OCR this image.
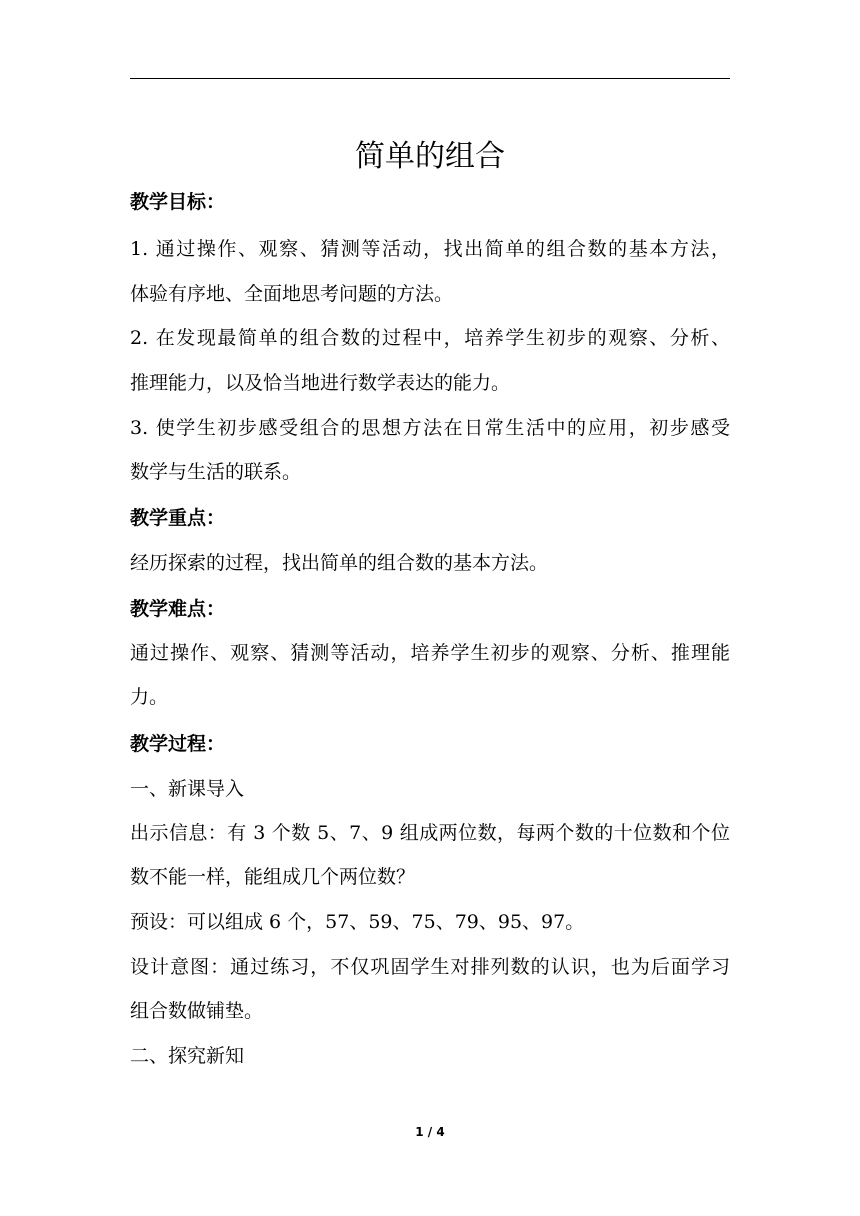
简单的组合
教学目标：
1. 通过操作、观察、猜测等活动，找出简单的组合数的基本方法，
体验有序地、全面地思考问题的方法。
2. 在发现最简单的组合数的过程中，培养学生初步的观察、分析、
推理能力，以及恰当地进行数学表达的能力。
3. 使学生初步感受组合的思想方法在日常生活中的应用，初步感受
数学与生活的联系。
教学重点：
经历探索的过程，找出简单的组合数的基本方法。
教学难点：
通过操作、观察、猜测等活动，培养学生初步的观察、分析、推理能
力。
教学过程：
一、新课导入
出示信息：有 3 个数 5、7、9 组成两位数，每两个数的十位数和个位
数不能一样，能组成几个两位数？
预设：可以组成 6 个，57、59、75、79、95、97。
设计意图：通过练习，不仅巩固学生对排列数的认识，也为后面学习
组合数做铺垫。
二、探究新知
1 / 4
